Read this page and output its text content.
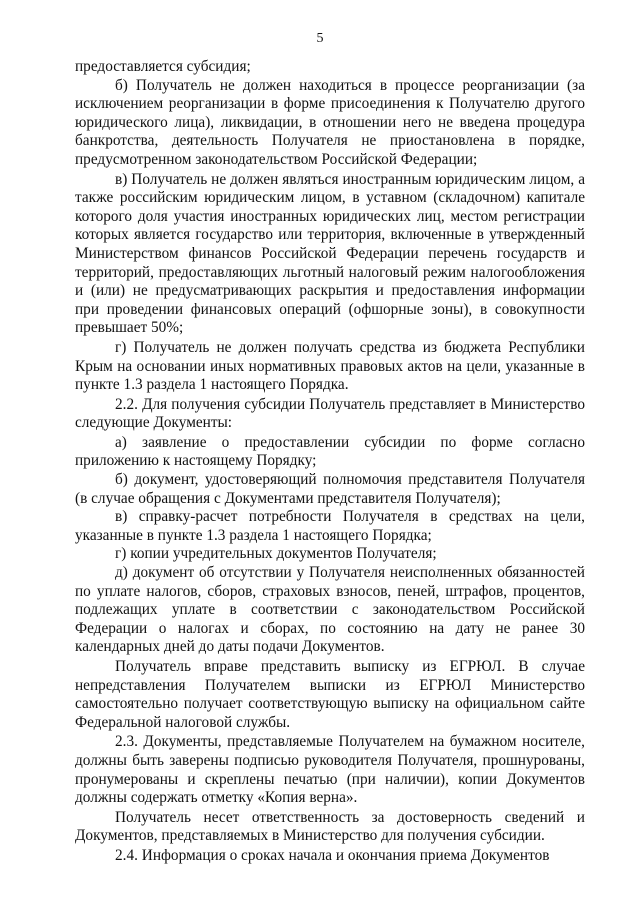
5

предоставляется субсидия;

б) Получатель не должен находиться в процессе реорганизации (за исключением реорганизации в форме присоединения к Получателю другого юридического лица), ликвидации, в отношении него не введена процедура банкротства, деятельность Получателя не приостановлена в порядке, предусмотренном законодательством Российской Федерации;

в) Получатель не должен являться иностранным юридическим лицом, а также российским юридическим лицом, в уставном (складочном) капитале которого доля участия иностранных юридических лиц, местом регистрации которых является государство или территория, включенные в утвержденный Министерством финансов Российской Федерации перечень государств и территорий, предоставляющих льготный налоговый режим налогообложения и (или) не предусматривающих раскрытия и предоставления информации при проведении финансовых операций (офшорные зоны), в совокупности превышает 50%;

г) Получатель не должен получать средства из бюджета Республики Крым на основании иных нормативных правовых актов на цели, указанные в пункте 1.3 раздела 1 настоящего Порядка.

2.2. Для получения субсидии Получатель представляет в Министерство следующие Документы:

а) заявление о предоставлении субсидии по форме согласно приложению к настоящему Порядку;

б) документ, удостоверяющий полномочия представителя Получателя (в случае обращения с Документами представителя Получателя);

в) справку-расчет потребности Получателя в средствах на цели, указанные в пункте 1.3 раздела 1 настоящего Порядка;

г) копии учредительных документов Получателя;

д) документ об отсутствии у Получателя неисполненных обязанностей по уплате налогов, сборов, страховых взносов, пеней, штрафов, процентов, подлежащих уплате в соответствии с законодательством Российской Федерации о налогах и сборах, по состоянию на дату не ранее 30 календарных дней до даты подачи Документов.

Получатель вправе представить выписку из ЕГРЮЛ. В случае непредставления Получателем выписки из ЕГРЮЛ Министерство самостоятельно получает соответствующую выписку на официальном сайте Федеральной налоговой службы.

2.3. Документы, представляемые Получателем на бумажном носителе, должны быть заверены подписью руководителя Получателя, прошнурованы, пронумерованы и скреплены печатью (при наличии), копии Документов должны содержать отметку «Копия верна».

Получатель несет ответственность за достоверность сведений и Документов, представляемых в Министерство для получения субсидии.

2.4. Информация о сроках начала и окончания приема Документов
